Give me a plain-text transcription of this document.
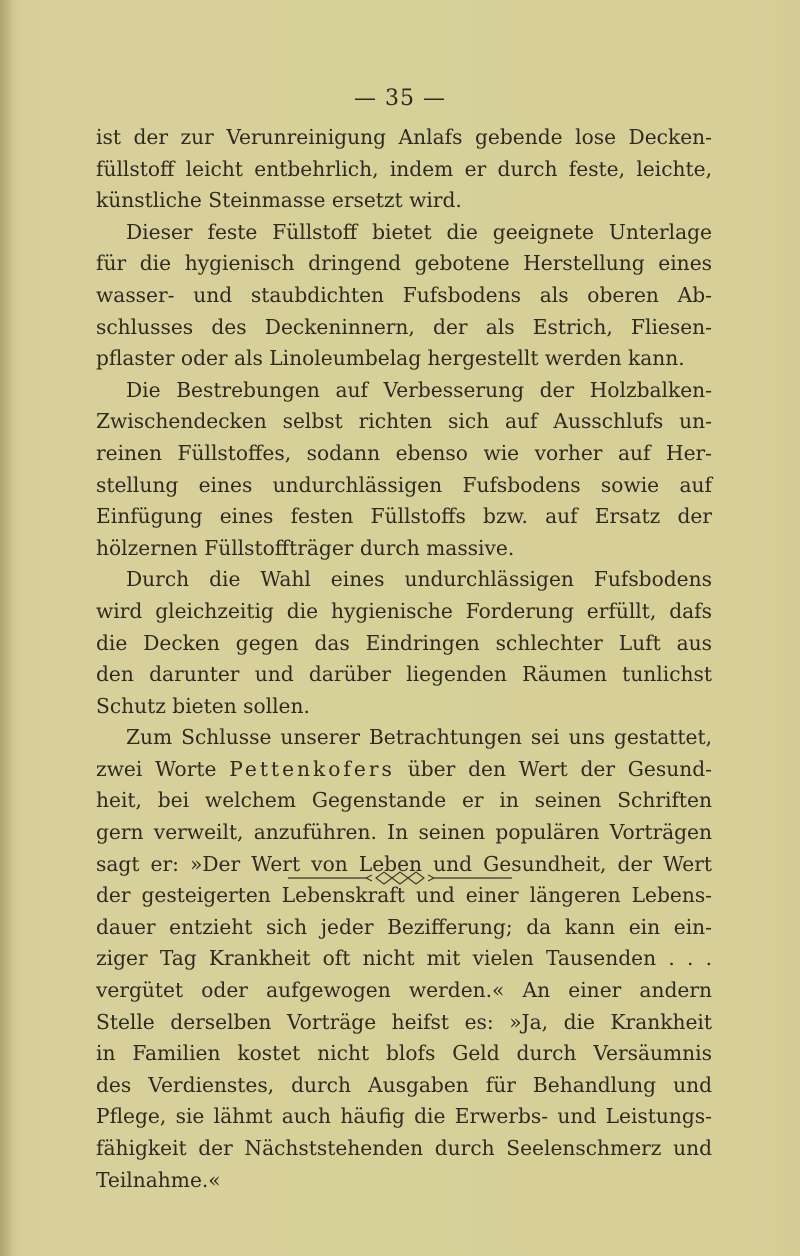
— 35 —
ist der zur Verunreinigung Anlafs gebende lose Decken-
füllstoff leicht entbehrlich, indem er durch feste, leichte,
künstliche Steinmasse ersetzt wird.
Dieser feste Füllstoff bietet die geeignete Unterlage
für die hygienisch dringend gebotene Herstellung eines
wasser- und staubdichten Fufsbodens als oberen Ab-
schlusses des Deckeninnern, der als Estrich, Fliesen-
pflaster oder als Linoleumbelag hergestellt werden kann.
Die Bestrebungen auf Verbesserung der Holzbalken-
Zwischendecken selbst richten sich auf Ausschlufs un-
reinen Füllstoffes, sodann ebenso wie vorher auf Her-
stellung eines undurchlässigen Fufsbodens sowie auf
Einfügung eines festen Füllstoffs bzw. auf Ersatz der
hölzernen Füllstoffträger durch massive.
Durch die Wahl eines undurchlässigen Fufsbodens
wird gleichzeitig die hygienische Forderung erfüllt, dafs
die Decken gegen das Eindringen schlechter Luft aus
den darunter und darüber liegenden Räumen tunlichst
Schutz bieten sollen.
Zum Schlusse unserer Betrachtungen sei uns gestattet,
zwei Worte Pettenkofers über den Wert der Gesund-
heit, bei welchem Gegenstande er in seinen Schriften
gern verweilt, anzuführen. In seinen populären Vorträgen
sagt er: »Der Wert von Leben und Gesundheit, der Wert
der gesteigerten Lebenskraft und einer längeren Lebens-
dauer entzieht sich jeder Bezifferung; da kann ein ein-
ziger Tag Krankheit oft nicht mit vielen Tausenden . . .
vergütet oder aufgewogen werden.« An einer andern
Stelle derselben Vorträge heifst es: »Ja, die Krankheit
in Familien kostet nicht blofs Geld durch Versäumnis
des Verdienstes, durch Ausgaben für Behandlung und
Pflege, sie lähmt auch häufig die Erwerbs- und Leistungs-
fähigkeit der Nächststehenden durch Seelenschmerz und
Teilnahme.«
